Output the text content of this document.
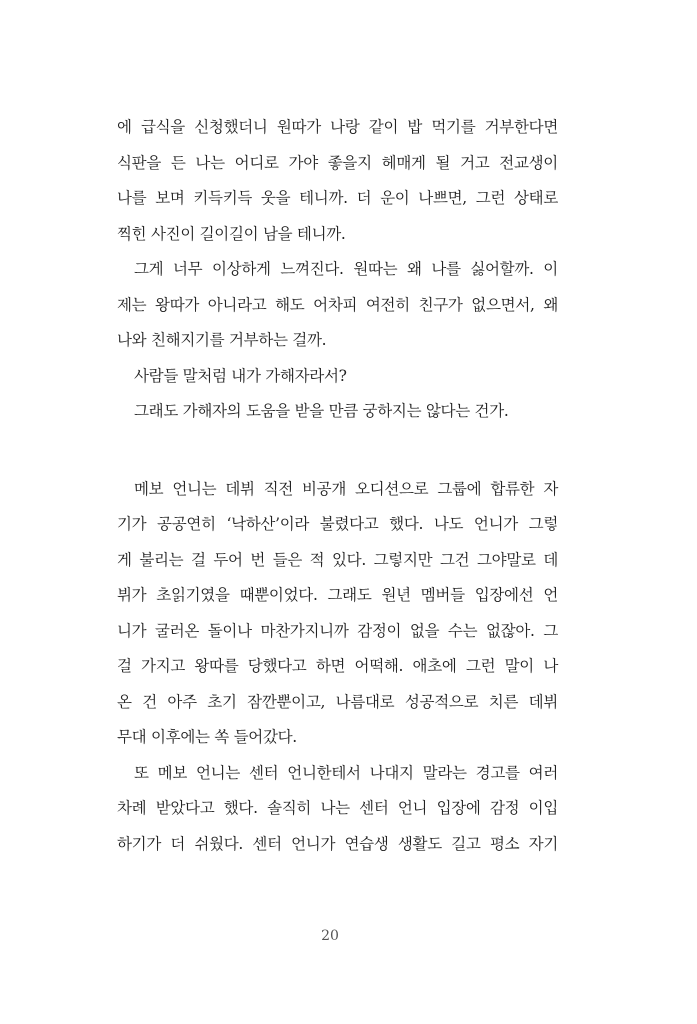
에 급식을 신청했더니 원따가 나랑 같이 밥 먹기를 거부한다면
식판을 든 나는 어디로 가야 좋을지 헤매게 될 거고 전교생이
나를 보며 키득키득 웃을 테니까. 더 운이 나쁘면, 그런 상태로
찍힌 사진이 길이길이 남을 테니까.
그게 너무 이상하게 느껴진다. 원따는 왜 나를 싫어할까. 이
제는 왕따가 아니라고 해도 어차피 여전히 친구가 없으면서, 왜
나와 친해지기를 거부하는 걸까.
사람들 말처럼 내가 가해자라서?
그래도 가해자의 도움을 받을 만큼 궁하지는 않다는 건가.
메보 언니는 데뷔 직전 비공개 오디션으로 그룹에 합류한 자
기가 공공연히 ‘낙하산’이라 불렸다고 했다. 나도 언니가 그렇
게 불리는 걸 두어 번 들은 적 있다. 그렇지만 그건 그야말로 데
뷔가 초읽기였을 때뿐이었다. 그래도 원년 멤버들 입장에선 언
니가 굴러온 돌이나 마찬가지니까 감정이 없을 수는 없잖아. 그
걸 가지고 왕따를 당했다고 하면 어떡해. 애초에 그런 말이 나
온 건 아주 초기 잠깐뿐이고, 나름대로 성공적으로 치른 데뷔
무대 이후에는 쏙 들어갔다.
또 메보 언니는 센터 언니한테서 나대지 말라는 경고를 여러
차례 받았다고 했다. 솔직히 나는 센터 언니 입장에 감정 이입
하기가 더 쉬웠다. 센터 언니가 연습생 생활도 길고 평소 자기
20
